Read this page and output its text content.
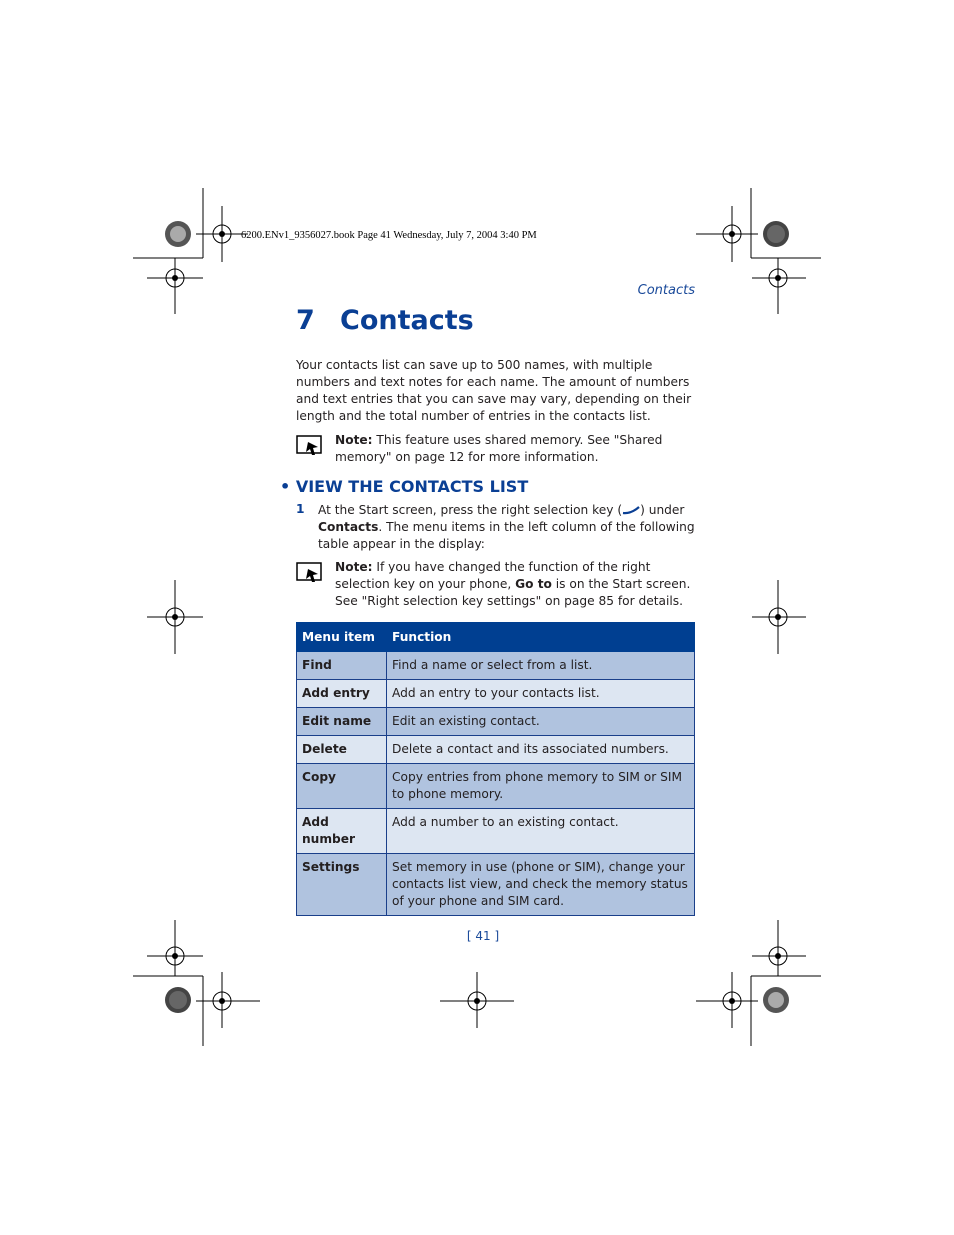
6200.ENv1_9356027.book Page 41 Wednesday, July 7, 2004 3:40 PM
Contacts
7 Contacts
Your contacts list can save up to 500 names, with multiple numbers and text notes for each name. The amount of numbers and text entries that you can save may vary, depending on their length and the total number of entries in the contacts list.
Note: This feature uses shared memory. See "Shared memory" on page 12 for more information.
• VIEW THE CONTACTS LIST
1 At the Start screen, press the right selection key ( ) under Contacts. The menu items in the left column of the following table appear in the display:
Note: If you have changed the function of the right selection key on your phone, Go to is on the Start screen. See "Right selection key settings" on page 85 for details.
Menu item	Function
Find	Find a name or select from a list.
Add entry	Add an entry to your contacts list.
Edit name	Edit an existing contact.
Delete	Delete a contact and its associated numbers.
Copy	Copy entries from phone memory to SIM or SIM to phone memory.
Add number	Add a number to an existing contact.
Settings	Set memory in use (phone or SIM), change your contacts list view, and check the memory status of your phone and SIM card.
[ 41 ]
